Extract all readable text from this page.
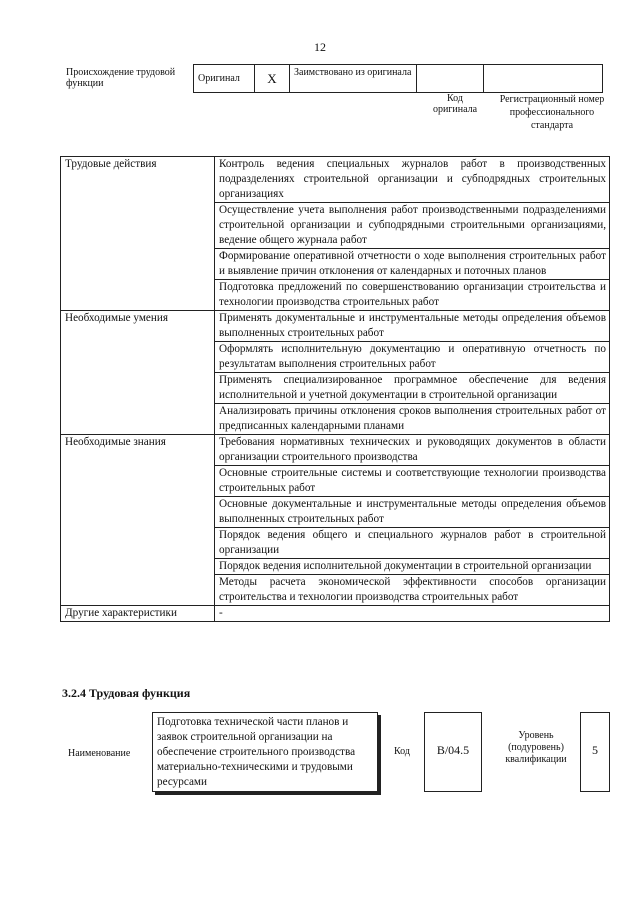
12
Происхождение трудовой функции	Оригинал	X	Заимствовано из оригинала		
Код оригинала
Регистрационный номер профессионального стандарта
Трудовые действия	Контроль ведения специальных журналов работ в производственных подразделениях строительной организации и субподрядных строительных организациях
	Осуществление учета выполнения работ производственными подразделениями строительной организации и субподрядными строительными организациями, ведение общего журнала работ
	Формирование оперативной отчетности о ходе выполнения строительных работ и выявление причин отклонения от календарных и поточных планов
	Подготовка предложений по совершенствованию организации строительства и технологии производства строительных работ
Необходимые умения	Применять документальные и инструментальные методы определения объемов выполненных строительных работ
	Оформлять исполнительную документацию и оперативную отчетность по результатам выполнения строительных работ
	Применять специализированное программное обеспечение для ведения исполнительной и учетной документации в строительной организации
	Анализировать причины отклонения сроков выполнения строительных работ от предписанных календарными планами
Необходимые знания	Требования нормативных технических и руководящих документов в области организации строительного производства
	Основные строительные системы и соответствующие технологии производства строительных работ
	Основные документальные и инструментальные методы определения объемов выполненных строительных работ
	Порядок ведения общего и специального журналов работ в строительной организации
	Порядок ведения исполнительной документации в строительной организации
	Методы расчета экономической эффективности способов организации строительства и технологии производства строительных работ
Другие характеристики	-
3.2.4 Трудовая функция
Наименование
Подготовка технической части планов и заявок строительной организации на обеспечение строительного производства материально-техническими и трудовыми ресурсами
Код	B/04.5
Уровень (подуровень) квалификации
5
